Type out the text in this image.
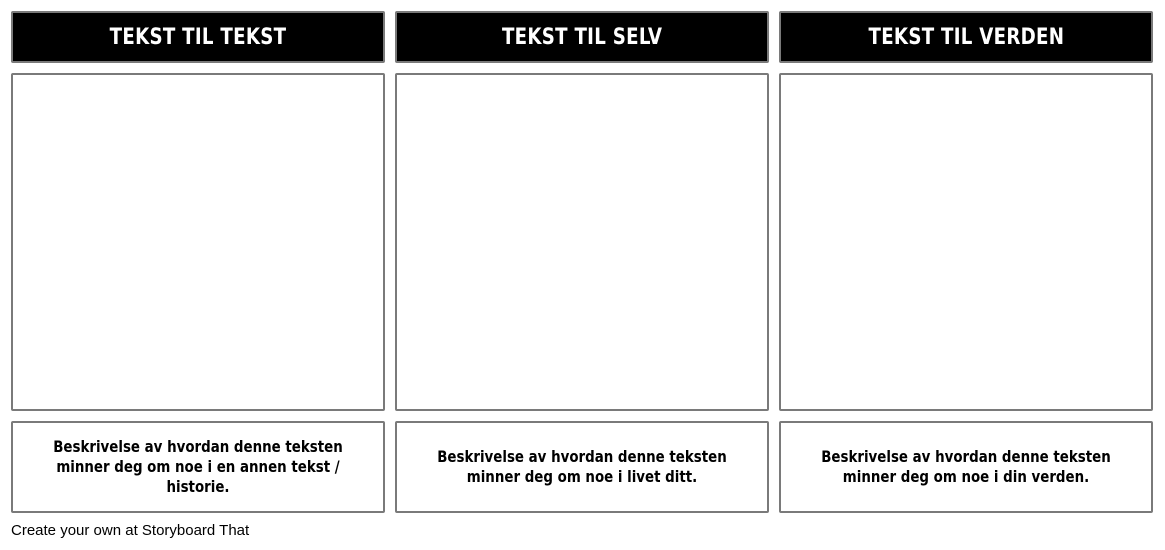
TEKST TIL TEKST
Beskrivelse av hvordan denne teksten minner deg om noe i en annen tekst / historie.
TEKST TIL SELV
Beskrivelse av hvordan denne teksten minner deg om noe i livet ditt.
TEKST TIL VERDEN
Beskrivelse av hvordan denne teksten minner deg om noe i din verden.
Create your own at Storyboard That
